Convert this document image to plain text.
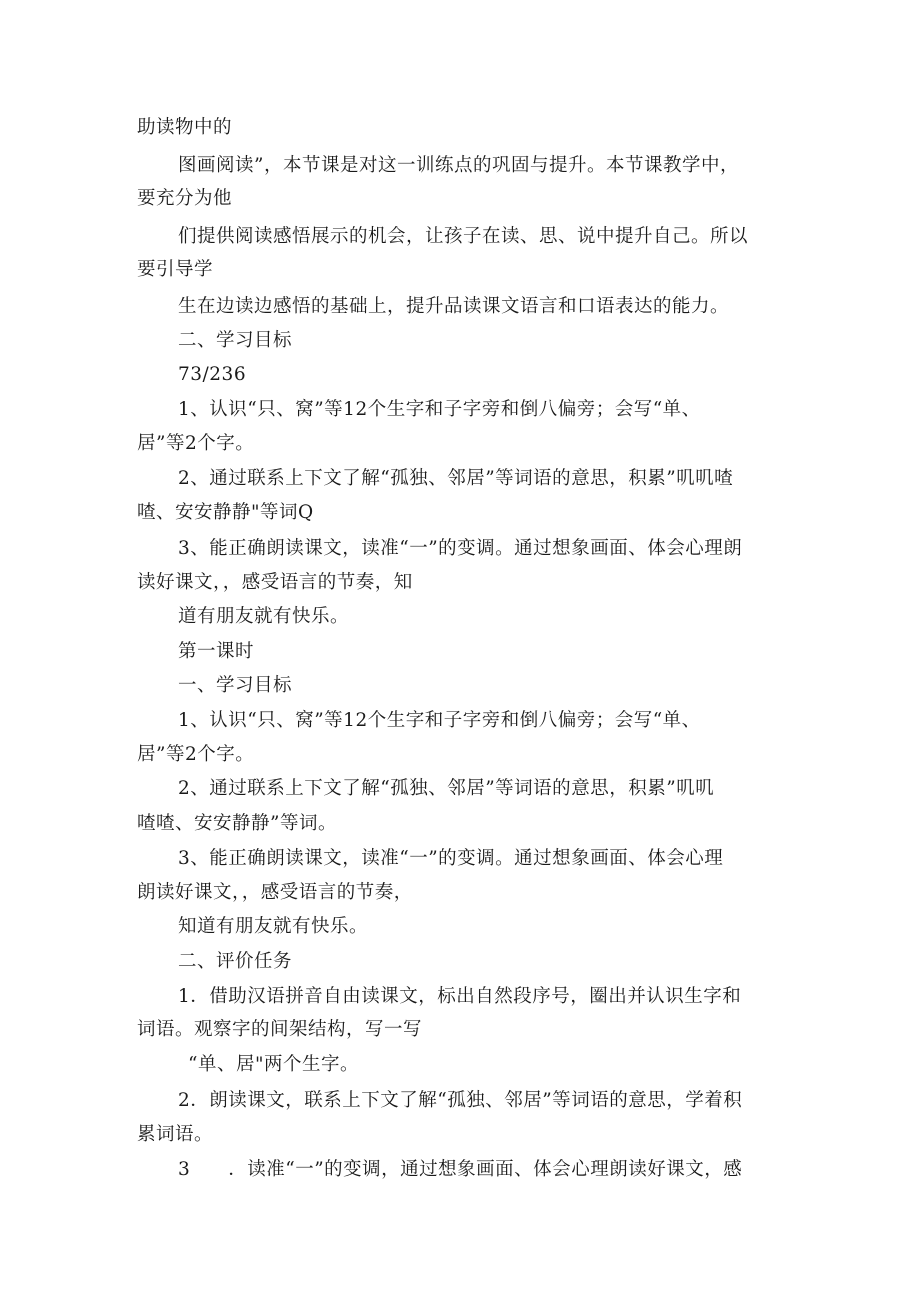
助读物中的
图画阅读”，本节课是对这一训练点的巩固与提升。本节课教学中，
要充分为他
们提供阅读感悟展示的机会，让孩子在读、思、说中提升自己。所以
要引导学
生在边读边感悟的基础上，提升品读课文语言和口语表达的能力。
二、学习目标
73/236
1、认识“只、窝”等12个生字和子字旁和倒八偏旁；会写“单、
居”等2个字。
2、通过联系上下文了解“孤独、邻居”等词语的意思，积累”叽叽喳
喳、安安静静"等词Q
3、能正确朗读课文，读准“一”的变调。通过想象画面、体会心理朗
读好课文，，感受语言的节奏，知
道有朋友就有快乐。
第一课时
一、学习目标
1、认识“只、窝”等12个生字和子字旁和倒八偏旁；会写“单、
居”等2个字。
2、通过联系上下文了解“孤独、邻居”等词语的意思，积累”叽叽
喳喳、安安静静”等词。
3、能正确朗读课文，读准“一”的变调。通过想象画面、体会心理
朗读好课文，，感受语言的节奏，
知道有朋友就有快乐。
二、评价任务
1．借助汉语拼音自由读课文，标出自然段序号，圈出并认识生字和
词语。观察字的间架结构，写一写
“单、居"两个生字。
2．朗读课文，联系上下文了解“孤独、邻居”等词语的意思，学着积
累词语。
3　　．读准“一”的变调，通过想象画面、体会心理朗读好课文，感
